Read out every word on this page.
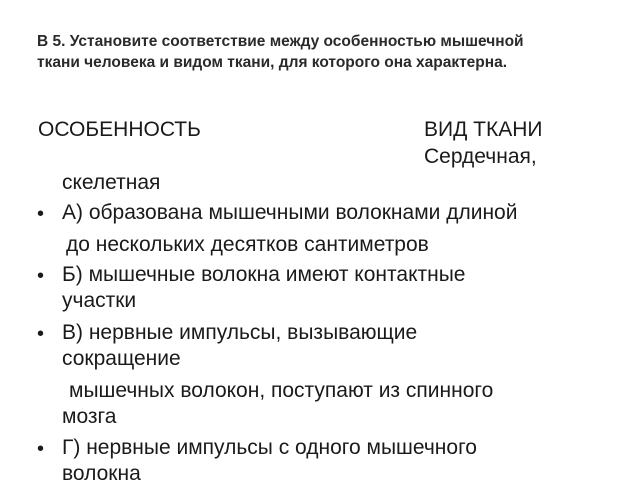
В 5. Установите соответствие между особенностью мышечной
ткани человека и видом ткани, для которого она характерна.
ОСОБЕННОСТЬ	ВИД ТКАНИ
Сердечная,
скелетная
• А) образована мышечными волокнами длиной
до нескольких десятков сантиметров
• Б) мышечные волокна имеют контактные
участки
• В) нервные импульсы, вызывающие
сокращение
мышечных волокон, поступают из спинного
мозга
• Г) нервные импульсы с одного мышечного
волокна
